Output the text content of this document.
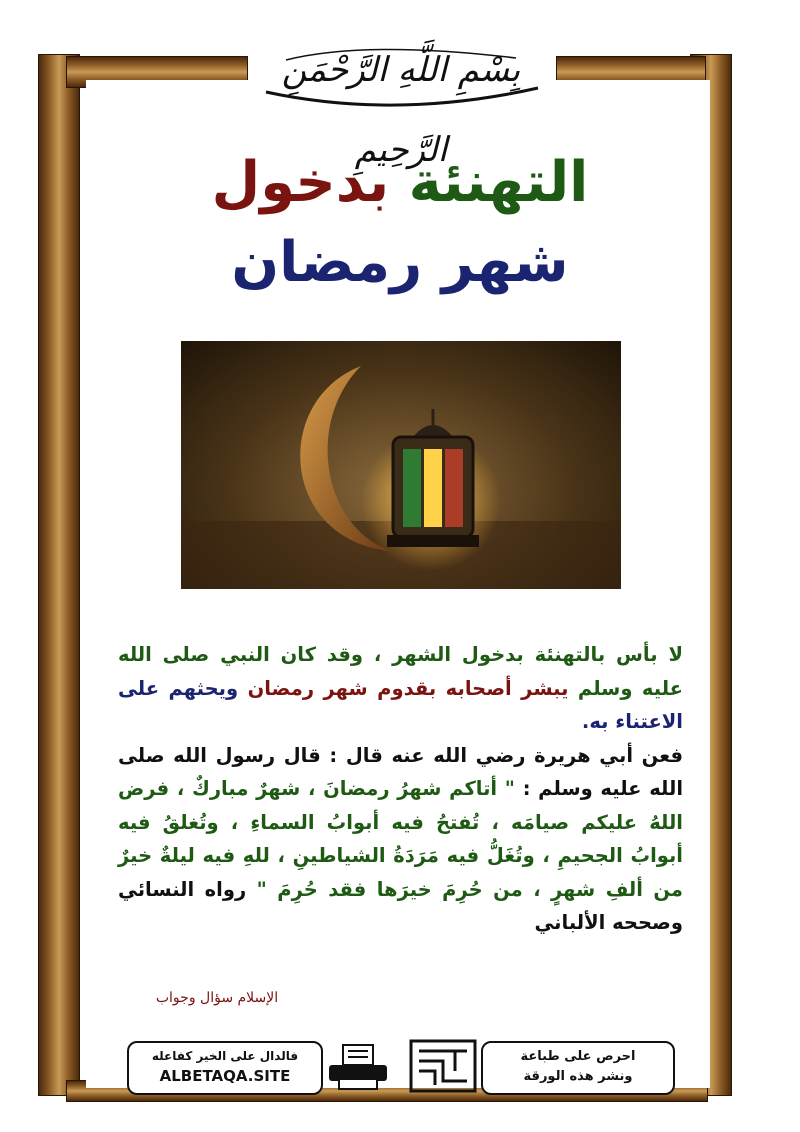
بِسْمِ اللَّهِ الرَّحْمَنِ الرَّحِيمِ
التهنئة بدخول
شهر رمضان
لا بأس بالتهنئة بدخول الشهر ، وقد كان النبي صلى الله عليه وسلم يبشر أصحابه بقدوم شهر رمضان ويحثهم على الاعتناء به.
فعن أبي هريرة رضي الله عنه قال : قال رسول الله صلى الله عليه وسلم : " أتاكم شهرُ رمضانَ ، شهرٌ مباركٌ ، فرض اللهُ عليكم صيامَه ، تُفتحُ فيه أبوابُ السماءِ ، وتُغلقُ فيه أبوابُ الجحيمِ ، وتُغَلُّ فيه مَرَدَةُ الشياطينِ ، للهِ فيه ليلةٌ خيرٌ من ألفِ شهرٍ ، من حُرِمَ خيرَها فقد حُرِمَ " رواه النسائي وصححه الألباني
الإسلام سؤال وجواب
فالدال على الخير كفاعله
ALBETAQA.SITE
احرص على طباعة
ونشر هذه الورقة
